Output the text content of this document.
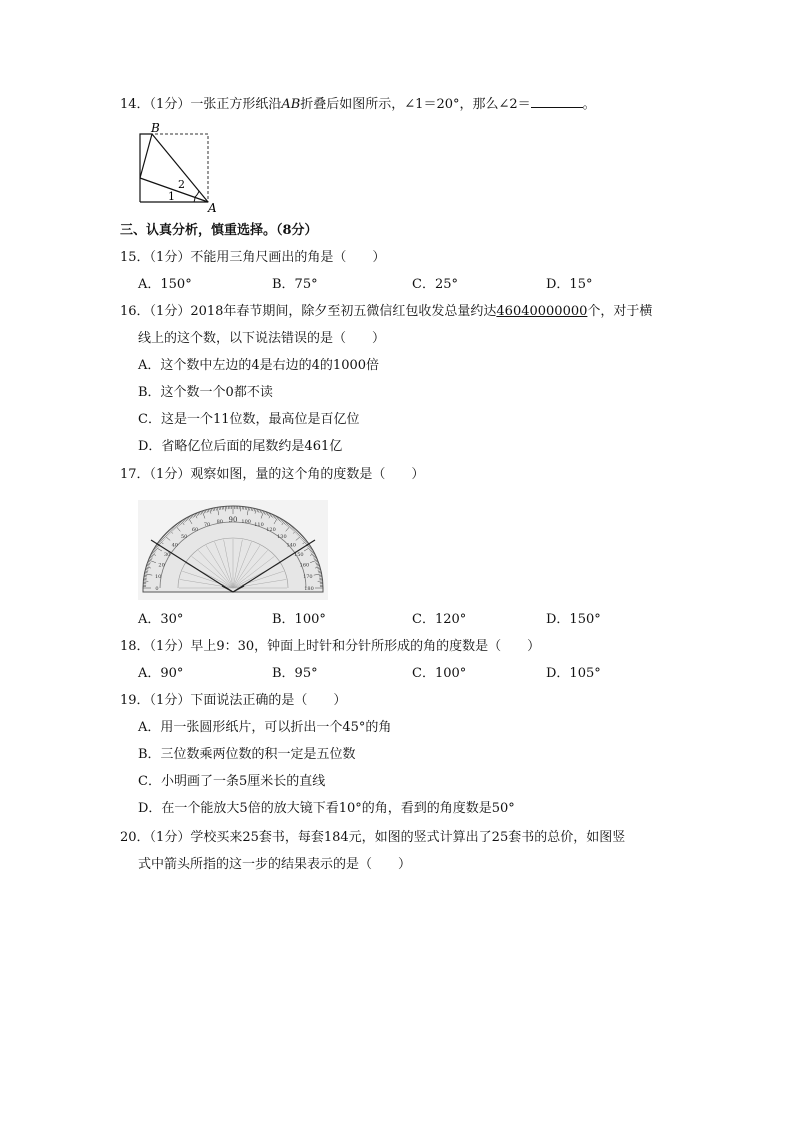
14．（1分）一张正方形纸沿AB折叠后如图所示，∠1＝20°，那么∠2＝	。
B
A
1
2
三、认真分析，慎重选择。（8分）
15．（1分）不能用三角尺画出的角是（　　）
A．150°	B．75°	C．25°	D．15°
16．（1分）2018年春节期间，除夕至初五微信红包收发总量约达46040000000个，对于横
线上的这个数，以下说法错误的是（　　）
A．这个数中左边的4是右边的4的1000倍
B．这个数一个0都不读
C．这是一个11位数，最高位是百亿位
D．省略亿位后面的尾数约是461亿
17．（1分）观察如图，量的这个角的度数是（　　）
0
10
20
30
40
50
60
70
80 90 100
110
120
130
140
150
160
170
180
A．30°	B．100°	C．120°	D．150°
18．（1分）早上9：30，钟面上时针和分针所形成的角的度数是（　　）
A．90°	B．95°	C．100°	D．105°
19．（1分）下面说法正确的是（　　）
A．用一张圆形纸片，可以折出一个45°的角
B．三位数乘两位数的积一定是五位数
C．小明画了一条5厘米长的直线
D．在一个能放大5倍的放大镜下看10°的角，看到的角度数是50°
20．（1分）学校买来25套书，每套184元，如图的竖式计算出了25套书的总价，如图竖
式中箭头所指的这一步的结果表示的是（　　）
